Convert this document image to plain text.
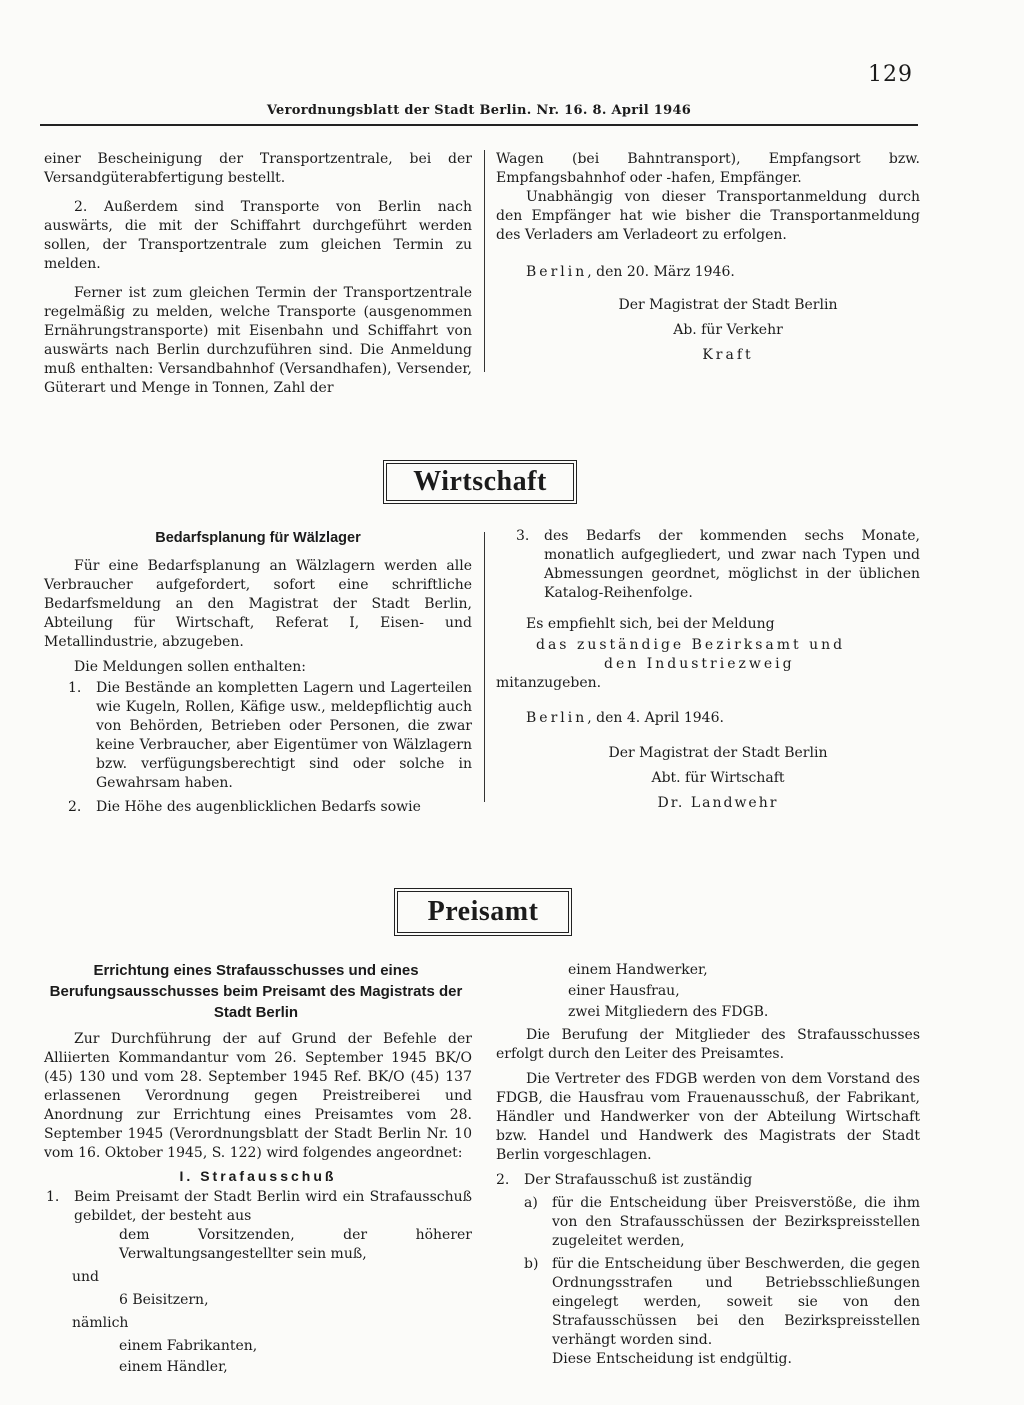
129
Verordnungsblatt der Stadt Berlin. Nr. 16. 8. April 1946

einer Bescheinigung der Transportzentrale, bei der Versandgüterabfertigung bestellt.

2. Außerdem sind Transporte von Berlin nach auswärts, die mit der Schiffahrt durchgeführt werden sollen, der Transportzentrale zum gleichen Termin zu melden.

Ferner ist zum gleichen Termin der Transportzentrale regelmäßig zu melden, welche Transporte (ausgenommen Ernährungstransporte) mit Eisenbahn und Schiffahrt von auswärts nach Berlin durchzuführen sind. Die Anmeldung muß enthalten: Versandbahnhof (Versandhafen), Versender, Güterart und Menge in Tonnen, Zahl der

Wagen (bei Bahntransport), Empfangsort bzw. Empfangsbahnhof oder -hafen, Empfänger.

Unabhängig von dieser Transportanmeldung durch den Empfänger hat wie bisher die Transportanmeldung des Verladers am Verladeort zu erfolgen.

Berlin, den 20. März 1946.

Der Magistrat der Stadt Berlin

Ab. für Verkehr

Kraft

Wirtschaft
Bedarfsplanung für Wälzlager

Für eine Bedarfsplanung an Wälzlagern werden alle Verbraucher aufgefordert, sofort eine schriftliche Bedarfsmeldung an den Magistrat der Stadt Berlin, Abteilung für Wirtschaft, Referat I, Eisen- und Metallindustrie, abzugeben.

Die Meldungen sollen enthalten:

1.	Die Bestände an kompletten Lagern und Lagerteilen wie Kugeln, Rollen, Käfige usw., meldepflichtig auch von Behörden, Betrieben oder Personen, die zwar keine Verbraucher, aber Eigentümer von Wälzlagern bzw. verfügungsberechtigt sind oder solche in Gewahrsam haben.
2.	Die Höhe des augenblicklichen Bedarfs sowie
3.	des Bedarfs der kommenden sechs Monate, monatlich aufgegliedert, und zwar nach Typen und Abmessungen geordnet, möglichst in der üblichen Katalog-Reihenfolge.

Es empfiehlt sich, bei der Meldung

das zuständige Bezirksamt und

den Industriezweig

mitanzugeben.

Berlin, den 4. April 1946.

Der Magistrat der Stadt Berlin

Abt. für Wirtschaft

Dr. Landwehr

Preisamt
Errichtung eines Strafausschusses und eines Berufungsausschusses beim Preisamt des Magistrats der Stadt Berlin

Zur Durchführung der auf Grund der Befehle der Alliierten Kommandantur vom 26. September 1945 BK/O (45) 130 und vom 28. September 1945 Ref. BK/O (45) 137 erlassenen Verordnung gegen Preistreiberei und Anordnung zur Errichtung eines Preisamtes vom 28. September 1945 (Verordnungsblatt der Stadt Berlin Nr. 10 vom 16. Oktober 1945, S. 122) wird folgendes angeordnet:

I. Strafausschuß

1.	Beim Preisamt der Stadt Berlin wird ein Strafausschuß gebildet, der besteht aus

dem Vorsitzenden, der höherer Verwaltungsangestellter sein muß,

und

6 Beisitzern,

nämlich

einem Fabrikanten,

einem Händler,

einem Handwerker,

einer Hausfrau,

zwei Mitgliedern des FDGB.

Die Berufung der Mitglieder des Strafausschusses erfolgt durch den Leiter des Preisamtes.

Die Vertreter des FDGB werden von dem Vorstand des FDGB, die Hausfrau vom Frauenausschuß, der Fabrikant, Händler und Handwerker von der Abteilung Wirtschaft bzw. Handel und Handwerk des Magistrats der Stadt Berlin vorgeschlagen.

2.	Der Strafausschuß ist zuständig
a)	für die Entscheidung über Preisverstöße, die ihm von den Strafausschüssen der Bezirkspreisstellen zugeleitet werden,
b) für die Entscheidung über Beschwerden, die gegen Ordnungsstrafen und Betriebsschließungen eingelegt werden, soweit sie von den Strafausschüssen bei den Bezirkspreisstellen verhängt worden sind.

Diese Entscheidung ist endgültig.
